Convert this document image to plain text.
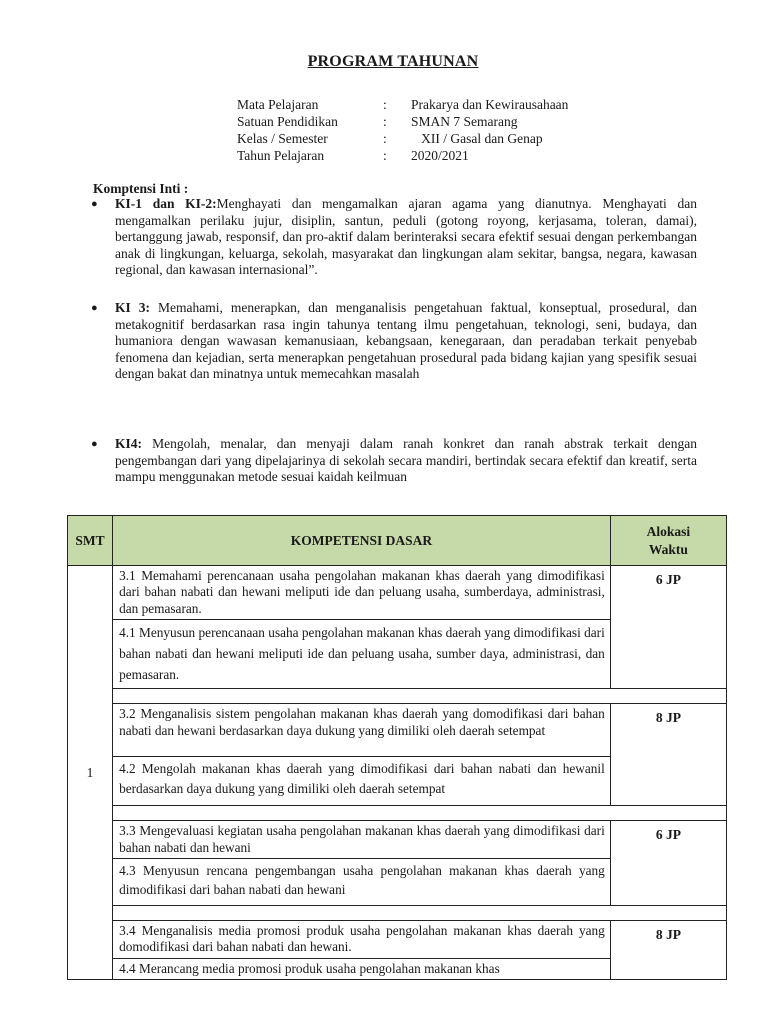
PROGRAM TAHUNAN
Mata Pelajaran	: Prakarya dan Kewirausahaan
Satuan Pendidikan	: SMAN 7 Semarang
Kelas / Semester	: XII / Gasal dan Genap
Tahun Pelajaran	: 2020/2021
Komptensi Inti :
● KI-1 dan KI-2:Menghayati dan mengamalkan ajaran agama yang dianutnya. Menghayati dan mengamalkan perilaku jujur, disiplin, santun, peduli (gotong royong, kerjasama, toleran, damai), bertanggung jawab, responsif, dan pro-aktif dalam berinteraksi secara efektif sesuai dengan perkembangan anak di lingkungan, keluarga, sekolah, masyarakat dan lingkungan alam sekitar, bangsa, negara, kawasan regional, dan kawasan internasional”.
● KI 3: Memahami, menerapkan, dan menganalisis pengetahuan faktual, konseptual, prosedural, dan metakognitif berdasarkan rasa ingin tahunya tentang ilmu pengetahuan, teknologi, seni, budaya, dan humaniora dengan wawasan kemanusiaan, kebangsaan, kenegaraan, dan peradaban terkait penyebab fenomena dan kejadian, serta menerapkan pengetahuan prosedural pada bidang kajian yang spesifik sesuai dengan bakat dan minatnya untuk memecahkan masalah
● KI4: Mengolah, menalar, dan menyaji dalam ranah konkret dan ranah abstrak terkait dengan pengembangan dari yang dipelajarinya di sekolah secara mandiri, bertindak secara efektif dan kreatif, serta mampu menggunakan metode sesuai kaidah keilmuan
SMT	KOMPETENSI DASAR	Alokasi Waktu
1	3.1 Memahami perencanaan usaha pengolahan makanan khas daerah yang dimodifikasi dari bahan nabati dan hewani meliputi ide dan peluang usaha, sumberdaya, administrasi, dan pemasaran.	6 JP
	4.1 Menyusun perencanaan usaha pengolahan makanan khas daerah yang dimodifikasi dari bahan nabati dan hewani meliputi ide dan peluang usaha, sumber daya, administrasi, dan pemasaran.	

	3.2 Menganalisis sistem pengolahan makanan khas daerah yang domodifikasi dari bahan nabati dan hewani berdasarkan daya dukung yang dimiliki oleh daerah setempat	8 JP
	4.2 Mengolah makanan khas daerah yang dimodifikasi dari bahan nabati dan hewanil berdasarkan daya dukung yang dimiliki oleh daerah setempat	

	3.3 Mengevaluasi kegiatan usaha pengolahan makanan khas daerah yang dimodifikasi dari bahan nabati dan hewani	6 JP
	4.3 Menyusun rencana pengembangan usaha pengolahan makanan khas daerah yang dimodifikasi dari bahan nabati dan hewani	

	3.4 Menganalisis media promosi produk usaha pengolahan makanan khas daerah yang domodifikasi dari bahan nabati dan hewani.	8 JP
	4.4 Merancang media promosi produk usaha pengolahan makanan khas	
